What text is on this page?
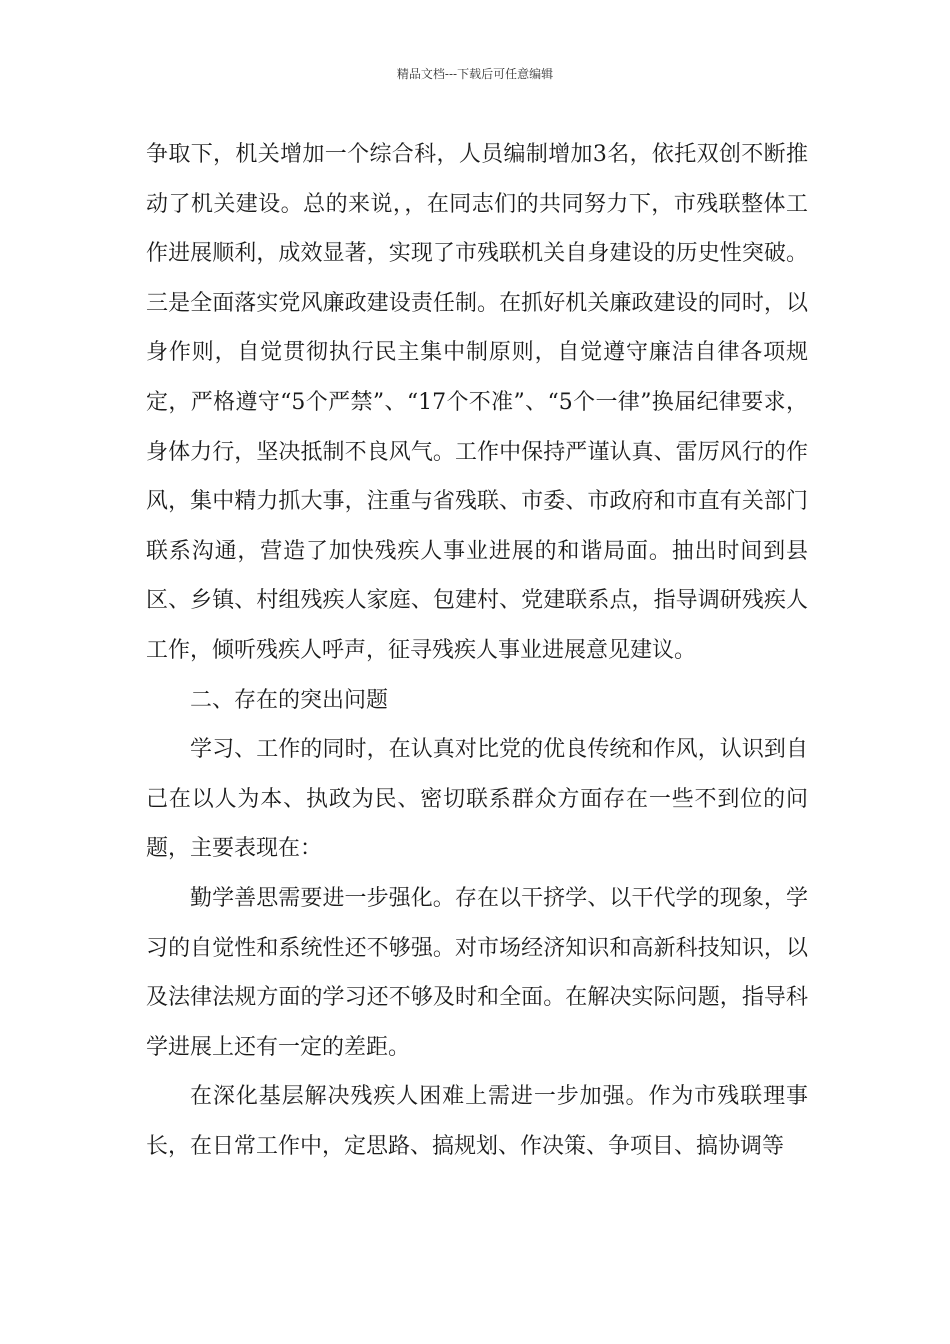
精品文档---下载后可任意编辑

争取下，机关增加一个综合科，人员编制增加3名，依托双创不断推动了机关建设。总的来说，，在同志们的共同努力下，市残联整体工作进展顺利，成效显著，实现了市残联机关自身建设的历史性突破。三是全面落实党风廉政建设责任制。在抓好机关廉政建设的同时，以身作则，自觉贯彻执行民主集中制原则，自觉遵守廉洁自律各项规定，严格遵守“5个严禁”、“17个不准”、“5个一律”换届纪律要求，身体力行，坚决抵制不良风气。工作中保持严谨认真、雷厉风行的作风，集中精力抓大事，注重与省残联、市委、市政府和市直有关部门联系沟通，营造了加快残疾人事业进展的和谐局面。抽出时间到县区、乡镇、村组残疾人家庭、包建村、党建联系点，指导调研残疾人工作，倾听残疾人呼声，征寻残疾人事业进展意见建议。

二、存在的突出问题

学习、工作的同时，在认真对比党的优良传统和作风，认识到自己在以人为本、执政为民、密切联系群众方面存在一些不到位的问题，主要表现在：

勤学善思需要进一步强化。存在以干挤学、以干代学的现象，学习的自觉性和系统性还不够强。对市场经济知识和高新科技知识，以及法律法规方面的学习还不够及时和全面。在解决实际问题，指导科学进展上还有一定的差距。

在深化基层解决残疾人困难上需进一步加强。作为市残联理事长，在日常工作中，定思路、搞规划、作决策、争项目、搞协调等
